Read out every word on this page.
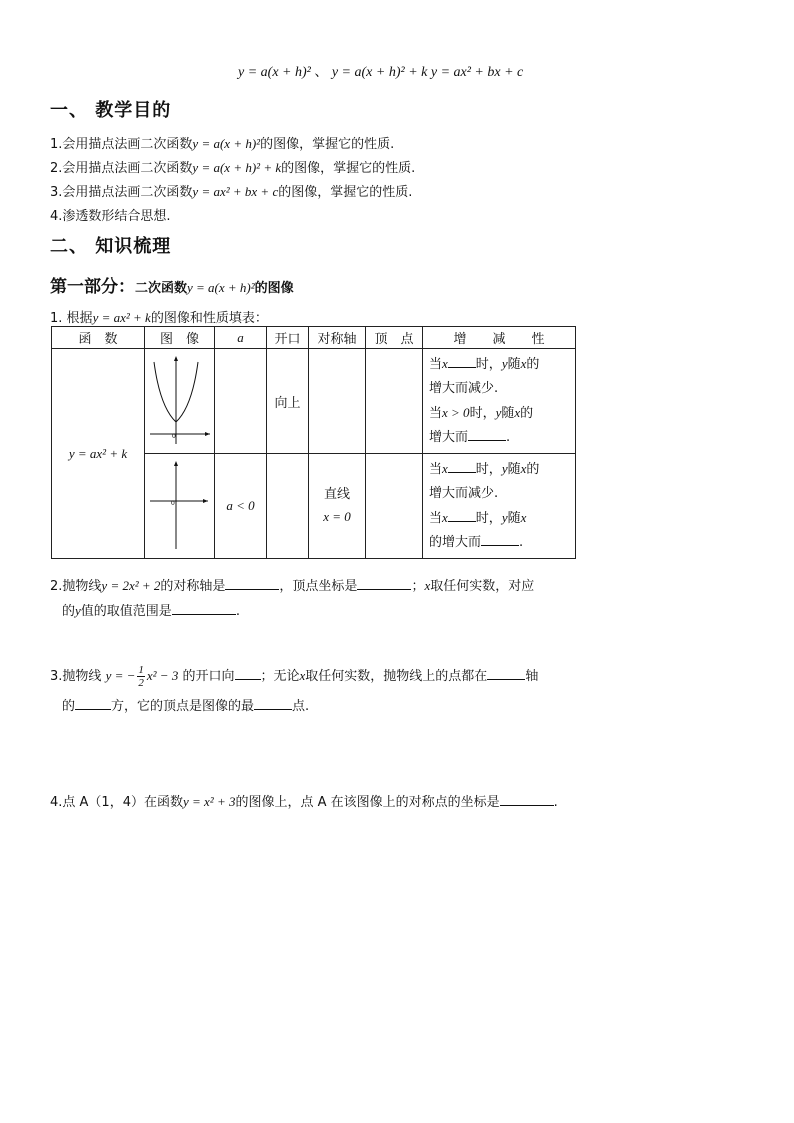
y = a(x + h)² 、 y = a(x + h)² + k y = ax² + bx + c
一、 教学目的
1.会用描点法画二次函数y = a(x + h)²的图像，掌握它的性质.
2.会用描点法画二次函数y = a(x + h)² + k的图像，掌握它的性质.
3.会用描点法画二次函数y = ax² + bx + c的图像，掌握它的性质.
4.渗透数形结合思想.
二、 知识梳理
第一部分：二次函数y = a(x + h)²的图像
1. 根据y = ax² + k的图像和性质填表：
函　数	图　像	a	开口	对称轴	顶　点	增　　减　　性
y = ax² + k	0		向上			当x 时，y随x的
增大而减少.
当x > 0时，y随x的
增大而 .

0	a < 0		直线
x = 0		当x 时，y随x的
增大而减少.
当x 时，y随x
的增大而 .
2.抛物线y = 2x² + 2的对称轴是	，顶点坐标是	；x取任何实数，对应
的y值的取值范围是	.
3.抛物线 y = − $\frac{1}{2} x^2 - 3$ 的开口向 ；无论x取任何实数，抛物线上的点都在	轴
的	方，它的顶点是图像的最	点.
4.点 A（1，4）在函数y = x² + 3的图像上，点 A 在该图像上的对称点的坐标是	.
